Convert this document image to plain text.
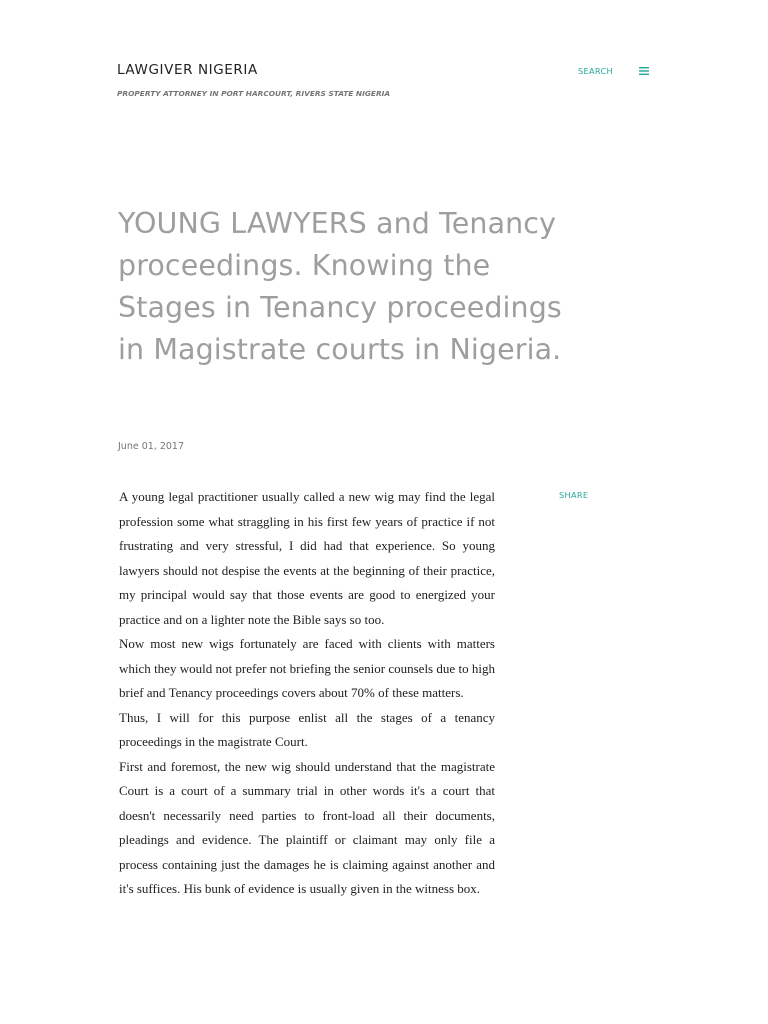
LAWGIVER NIGERIA
PROPERTY ATTORNEY IN PORT HARCOURT, RIVERS STATE NIGERIA
SEARCH
YOUNG LAWYERS and Tenancy proceedings. Knowing the Stages in Tenancy proceedings in Magistrate courts in Nigeria.
June 01, 2017
SHARE

A young legal practitioner usually called a new wig may find the legal profession some what straggling in his first few years of practice if not frustrating and very stressful, I did had that experience. So young lawyers should not despise the events at the beginning of their practice, my principal would say that those events are good to energized your practice and on a lighter note the Bible says so too.

Now most new wigs fortunately are faced with clients with matters which they would not prefer not briefing the senior counsels due to high brief and Tenancy proceedings covers about 70% of these matters.

Thus, I will for this purpose enlist all the stages of a tenancy proceedings in the magistrate Court.

First and foremost, the new wig should understand that the magistrate Court is a court of a summary trial in other words it's a court that doesn't necessarily need parties to front-load all their documents, pleadings and evidence. The plaintiff or claimant may only file a process containing just the damages he is claiming against another and it's suffices. His bunk of evidence is usually given in the witness box.
